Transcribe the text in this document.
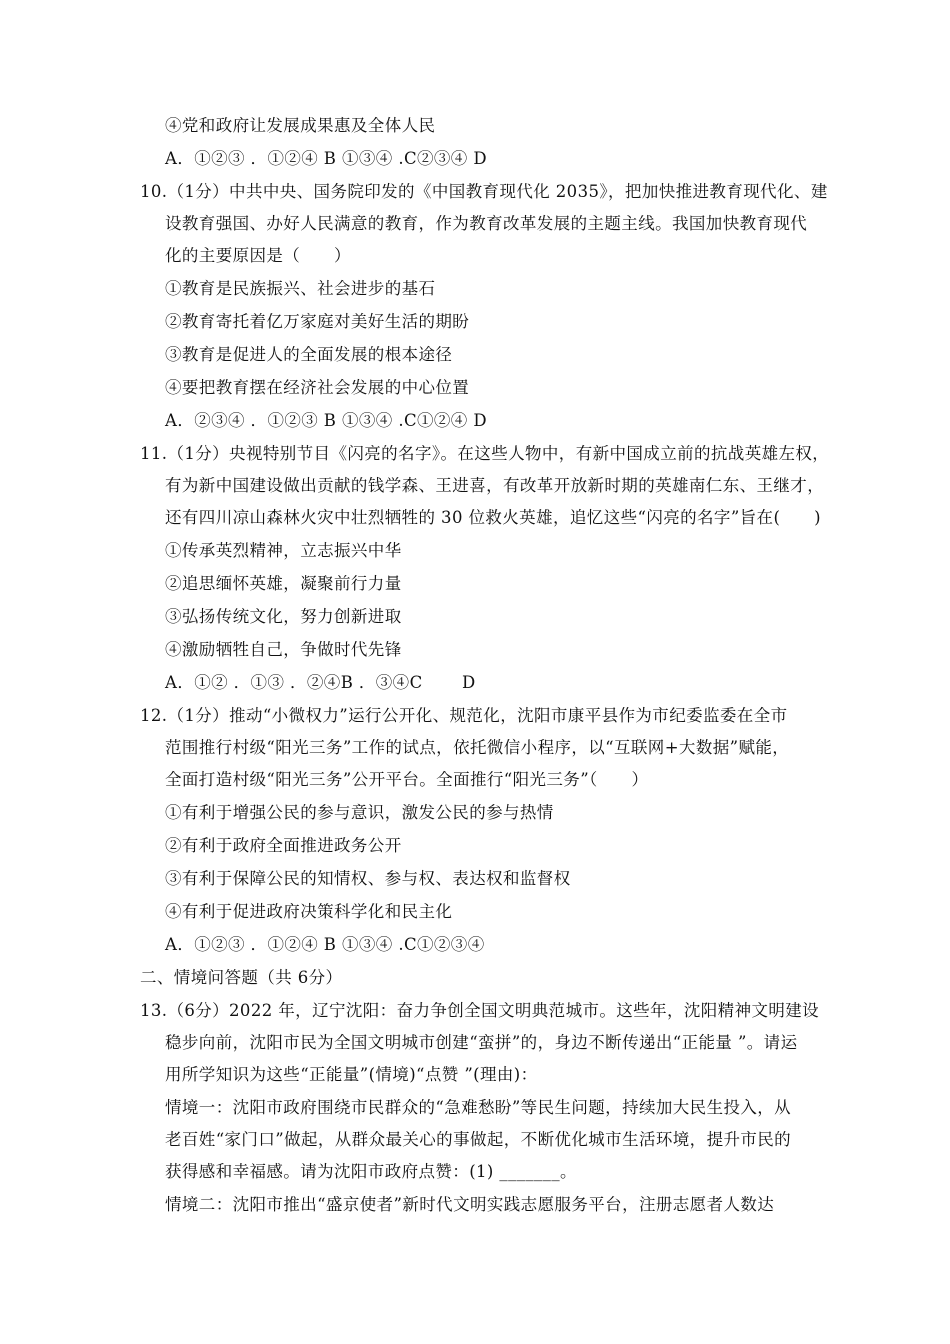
④党和政府让发展成果惠及全体人民
A．①②③ ．①②④ B ①③④ .C②③④ D
10.（1分）中共中央、国务院印发的《中国教育现代化 2035》，把加快推进教育现代化、建
设教育强国、办好人民满意的教育，作为教育改革发展的主题主线。我国加快教育现代
化的主要原因是（　　）
①教育是民族振兴、社会进步的基石
②教育寄托着亿万家庭对美好生活的期盼
③教育是促进人的全面发展的根本途径
④要把教育摆在经济社会发展的中心位置
A．②③④ ．①②③ B ①③④ .C①②④ D
11.（1分）央视特别节目《闪亮的名字》。在这些人物中，有新中国成立前的抗战英雄左权，
有为新中国建设做出贡献的钱学森、王进喜，有改革开放新时期的英雄南仁东、王继才，
还有四川凉山森林火灾中壮烈牺牲的 30 位救火英雄，追忆这些“闪亮的名字”旨在(　　)
①传承英烈精神，立志振兴中华
②追思缅怀英雄，凝聚前行力量
③弘扬传统文化，努力创新进取
④激励牺牲自己，争做时代先锋
A．①② ．①③ ．②④B ．③④C 　　D
12.（1分）推动“小微权力”运行公开化、规范化，沈阳市康平县作为市纪委监委在全市
范围推行村级“阳光三务”工作的试点，依托微信小程序，以“互联网+大数据”赋能，
全面打造村级“阳光三务”公开平台。全面推行“阳光三务”（　　）
①有利于增强公民的参与意识，激发公民的参与热情
②有利于政府全面推进政务公开
③有利于保障公民的知情权、参与权、表达权和监督权
④有利于促进政府决策科学化和民主化
A．①②③ ．①②④ B ①③④ .C①②③④
二、情境问答题（共 6分）
13.（6分）2022 年，辽宁沈阳：奋力争创全国文明典范城市。这些年，沈阳精神文明建设
稳步向前，沈阳市民为全国文明城市创建“蛮拼”的，身边不断传递出“正能量 ”。请运
用所学知识为这些“正能量”(情境)“点赞 ”(理由)：
情境一：沈阳市政府围绕市民群众的“急难愁盼”等民生问题，持续加大民生投入，从
老百姓“家门口”做起，从群众最关心的事做起，不断优化城市生活环境，提升市民的
获得感和幸福感。请为沈阳市政府点赞：(1) _______。
情境二：沈阳市推出“盛京使者”新时代文明实践志愿服务平台，注册志愿者人数达
